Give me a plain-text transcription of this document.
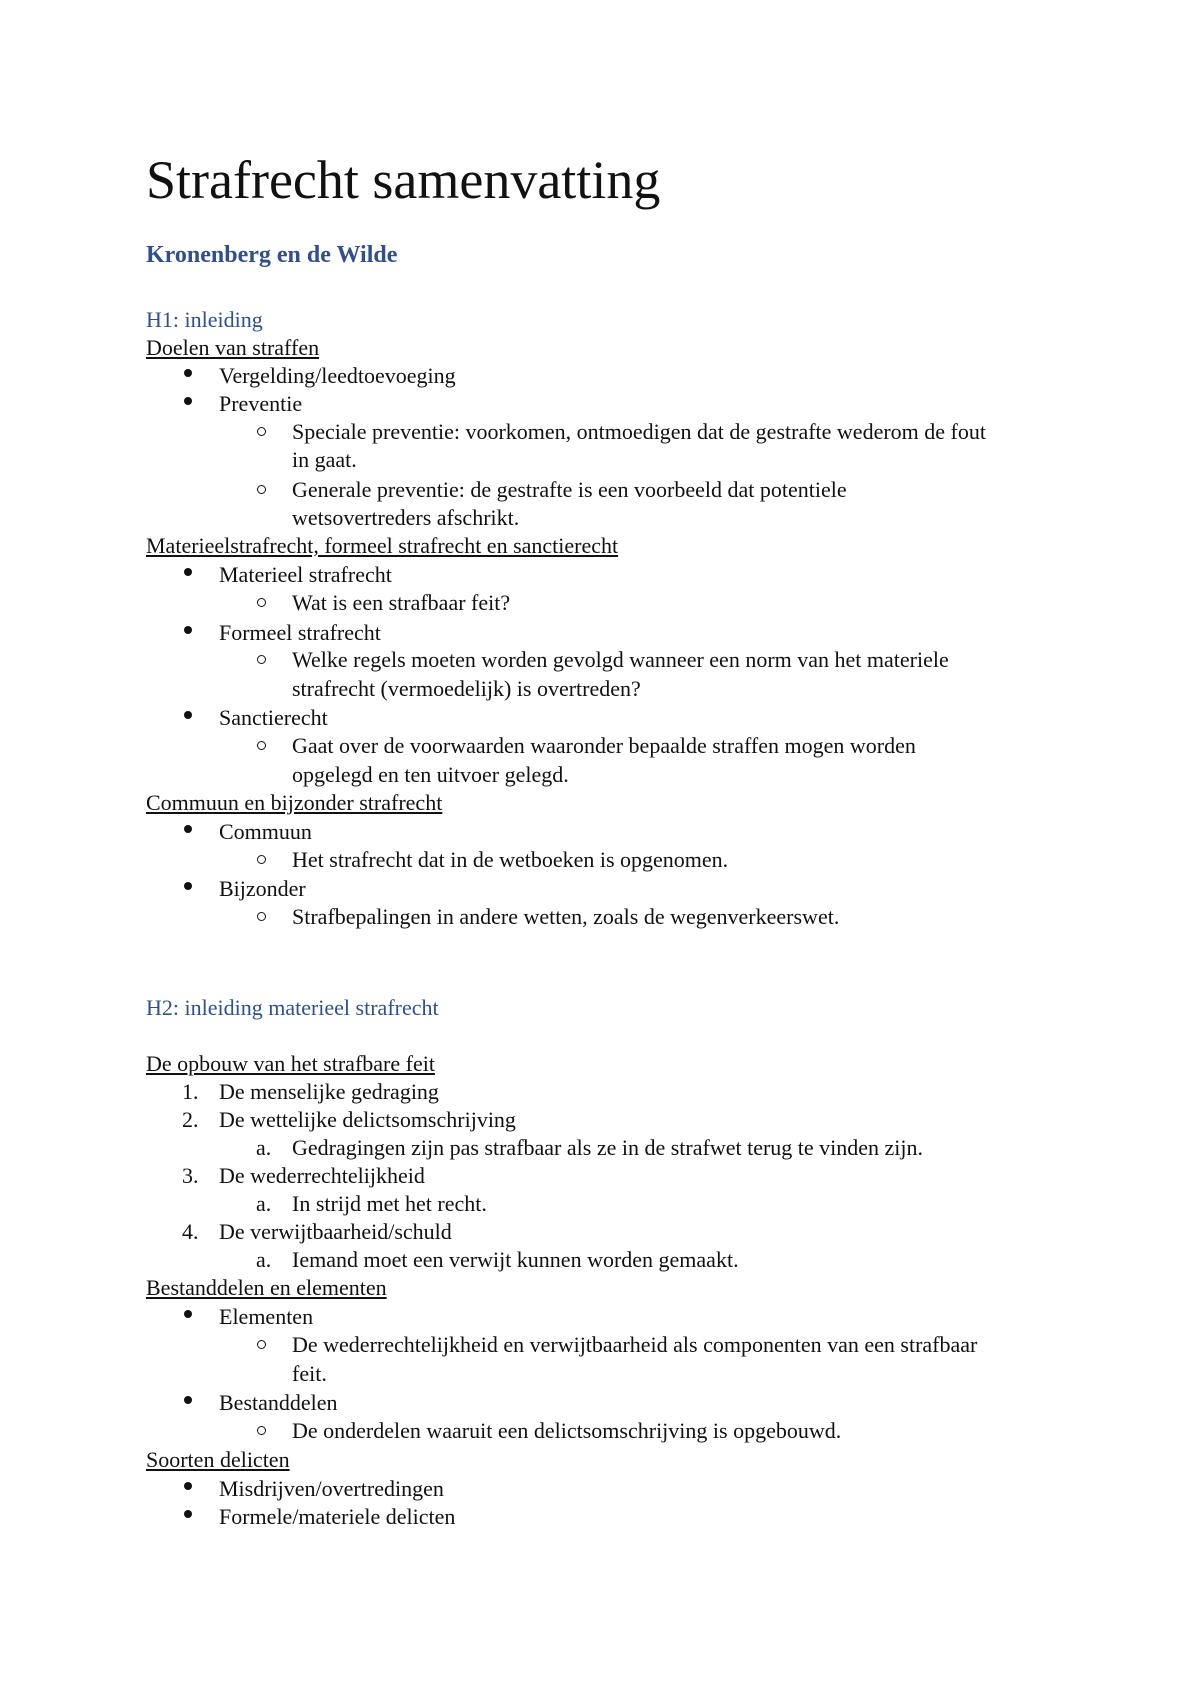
Strafrecht samenvatting
Kronenberg en de Wilde
H1: inleiding
Doelen van straffen
Vergelding/leedtoevoeging
Preventie
Speciale preventie: voorkomen, ontmoedigen dat de gestrafte wederom de fout
in gaat.
Generale preventie: de gestrafte is een voorbeeld dat potentiele
wetsovertreders afschrikt.
Materieelstrafrecht, formeel strafrecht en sanctierecht
Materieel strafrecht
Wat is een strafbaar feit?
Formeel strafrecht
Welke regels moeten worden gevolgd wanneer een norm van het materiele
strafrecht (vermoedelijk) is overtreden?
Sanctierecht
Gaat over de voorwaarden waaronder bepaalde straffen mogen worden
opgelegd en ten uitvoer gelegd.
Commuun en bijzonder strafrecht
Commuun
Het strafrecht dat in de wetboeken is opgenomen.
Bijzonder
Strafbepalingen in andere wetten, zoals de wegenverkeerswet.
H2: inleiding materieel strafrecht
De opbouw van het strafbare feit
1. De menselijke gedraging
2. De wettelijke delictsomschrijving
a. Gedragingen zijn pas strafbaar als ze in de strafwet terug te vinden zijn.
3. De wederrechtelijkheid
a. In strijd met het recht.
4. De verwijtbaarheid/schuld
a. Iemand moet een verwijt kunnen worden gemaakt.
Bestanddelen en elementen
Elementen
De wederrechtelijkheid en verwijtbaarheid als componenten van een strafbaar
feit.
Bestanddelen
De onderdelen waaruit een delictsomschrijving is opgebouwd.
Soorten delicten
Misdrijven/overtredingen
Formele/materiele delicten
